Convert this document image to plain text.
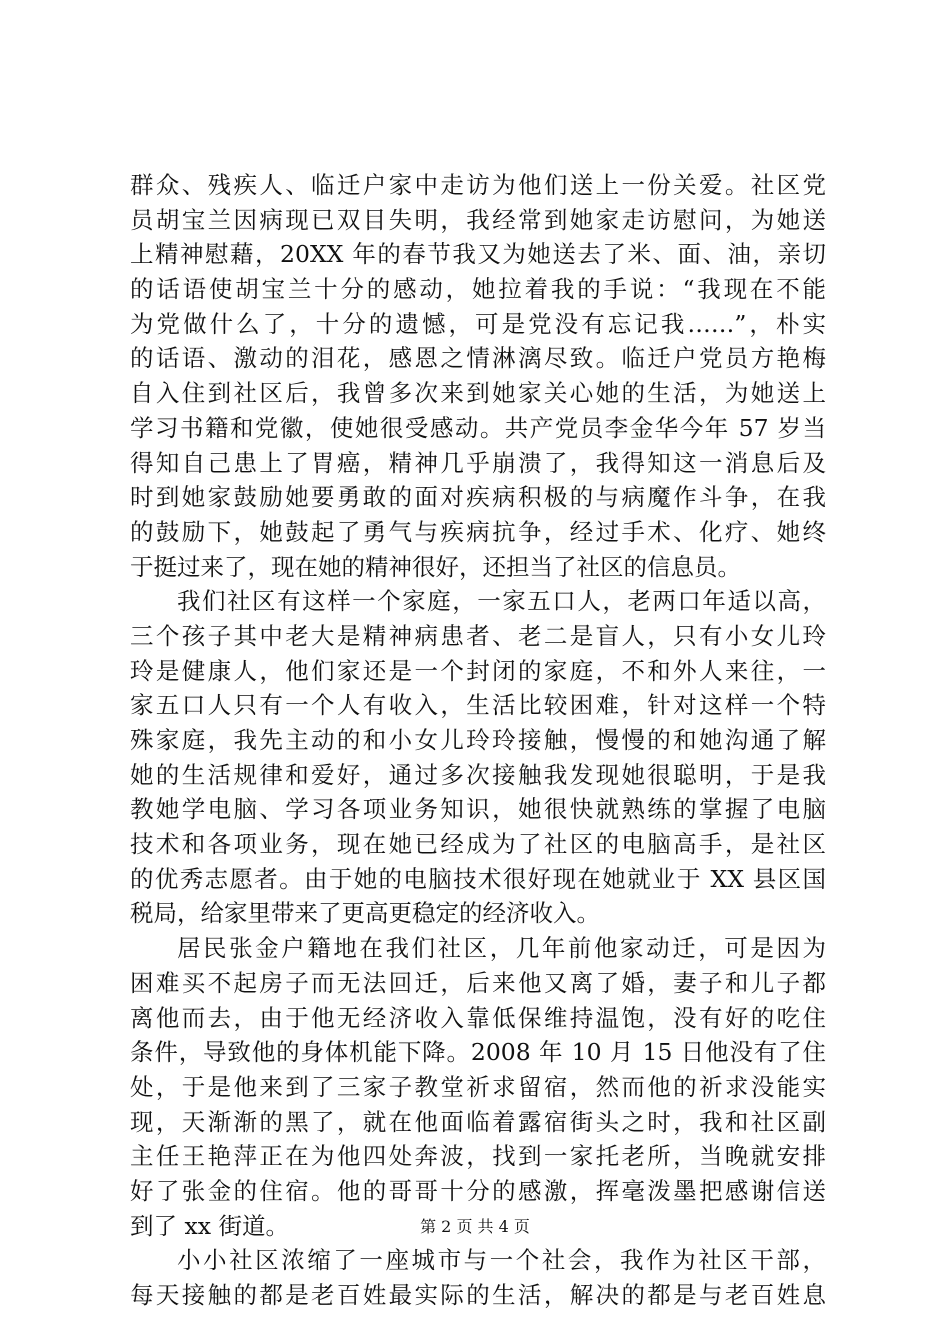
群众、残疾人、临迁户家中走访为他们送上一份关爱。社区党
员胡宝兰因病现已双目失明，我经常到她家走访慰问，为她送
上精神慰藉，20XX 年的春节我又为她送去了米、面、油，亲切
的话语使胡宝兰十分的感动，她拉着我的手说：“我现在不能
为党做什么了，十分的遗憾，可是党没有忘记我……”，朴实
的话语、激动的泪花，感恩之情淋漓尽致。临迁户党员方艳梅
自入住到社区后，我曾多次来到她家关心她的生活，为她送上
学习书籍和党徽，使她很受感动。共产党员李金华今年 57 岁当
得知自己患上了胃癌，精神几乎崩溃了，我得知这一消息后及
时到她家鼓励她要勇敢的面对疾病积极的与病魔作斗争，在我
的鼓励下，她鼓起了勇气与疾病抗争，经过手术、化疗、她终
于挺过来了，现在她的精神很好，还担当了社区的信息员。
我们社区有这样一个家庭，一家五口人，老两口年适以高，
三个孩子其中老大是精神病患者、老二是盲人，只有小女儿玲
玲是健康人，他们家还是一个封闭的家庭，不和外人来往，一
家五口人只有一个人有收入，生活比较困难，针对这样一个特
殊家庭，我先主动的和小女儿玲玲接触，慢慢的和她沟通了解
她的生活规律和爱好，通过多次接触我发现她很聪明，于是我
教她学电脑、学习各项业务知识，她很快就熟练的掌握了电脑
技术和各项业务，现在她已经成为了社区的电脑高手，是社区
的优秀志愿者。由于她的电脑技术很好现在她就业于 XX 县区国
税局，给家里带来了更高更稳定的经济收入。
居民张金户籍地在我们社区，几年前他家动迁，可是因为
困难买不起房子而无法回迁，后来他又离了婚，妻子和儿子都
离他而去，由于他无经济收入靠低保维持温饱，没有好的吃住
条件，导致他的身体机能下降。2008 年 10 月 15 日他没有了住
处，于是他来到了三家子教堂祈求留宿，然而他的祈求没能实
现，天渐渐的黑了，就在他面临着露宿街头之时，我和社区副
主任王艳萍正在为他四处奔波，找到一家托老所，当晚就安排
好了张金的住宿。他的哥哥十分的感激，挥毫泼墨把感谢信送
到了 xx 街道。
小小社区浓缩了一座城市与一个社会，我作为社区干部，
每天接触的都是老百姓最实际的生活，解决的都是与老百姓息
第 2 页 共 4 页
